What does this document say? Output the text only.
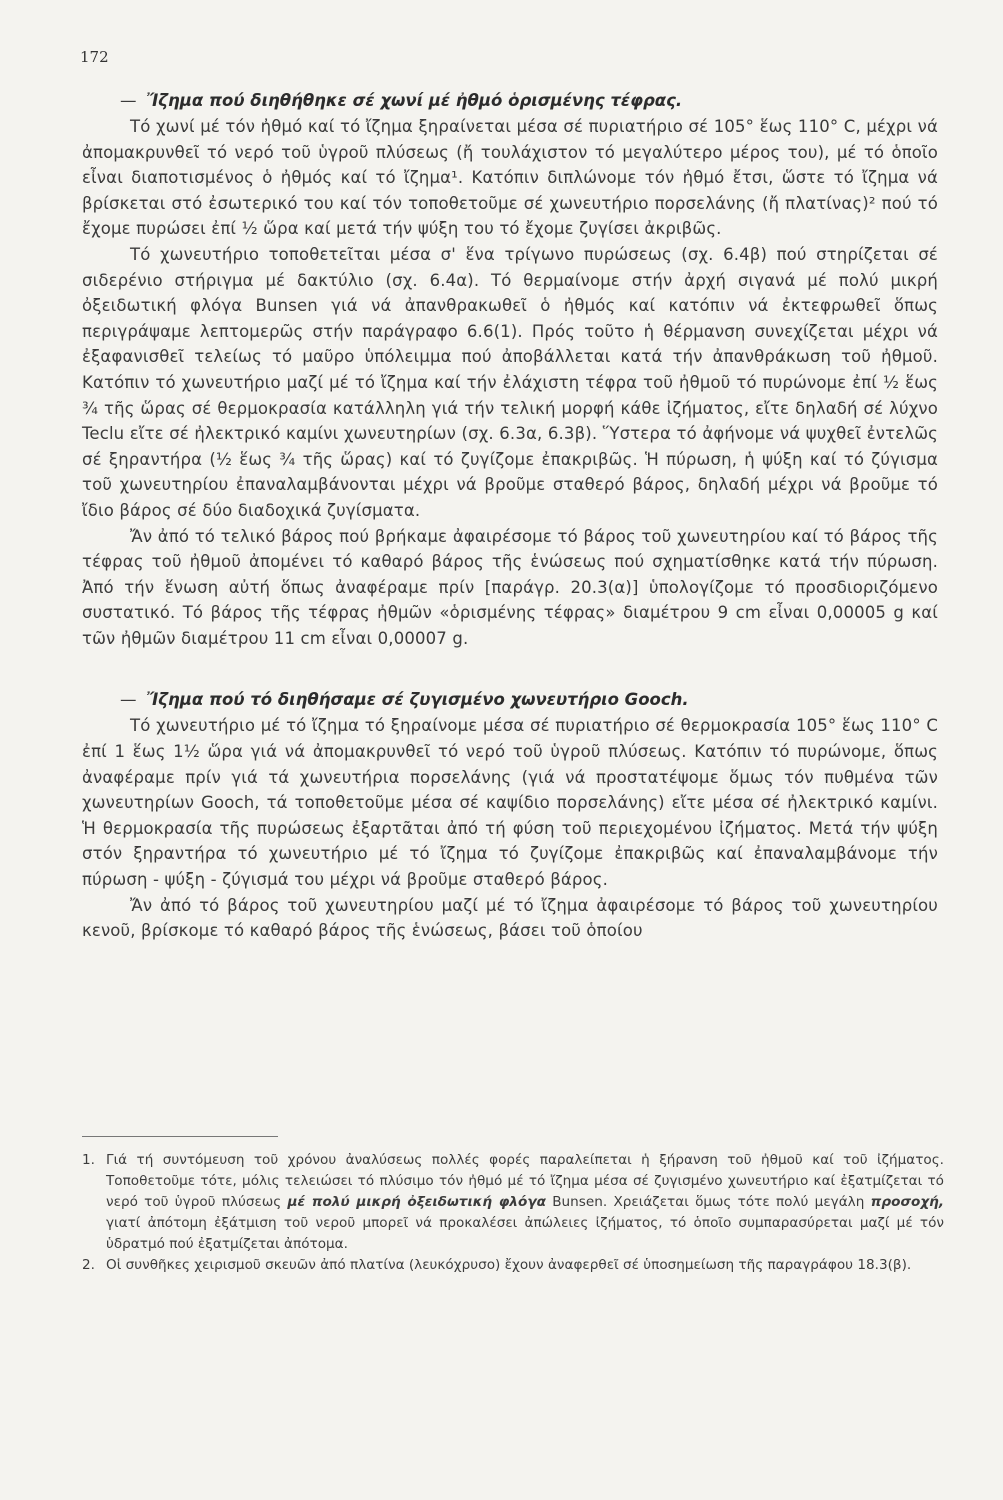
172
— Ἴζημα πού διηθήθηκε σέ χωνί μέ ἠθμό ὁρισμένης τέφρας.

Τό χωνί μέ τόν ἠθμό καί τό ἴζημα ξηραίνεται μέσα σέ πυριατήριο σέ 105° ἕως 110° C, μέχρι νά ἀπομακρυνθεῖ τό νερό τοῦ ὑγροῦ πλύσεως (ἤ τουλάχιστον τό μεγαλύτερο μέρος του), μέ τό ὁποῖο εἶναι διαποτισμένος ὁ ἠθμός καί τό ἴζημα¹. Κατόπιν διπλώνομε τόν ἠθμό ἔτσι, ὥστε τό ἴζημα νά βρίσκεται στό ἐσωτερικό του καί τόν τοποθετοῦμε σέ χωνευτήριο πορσελάνης (ἤ πλατίνας)² πού τό ἔχομε πυρώσει ἐπί ½ ὥρα καί μετά τήν ψύξη του τό ἔχομε ζυγίσει ἀκριβῶς.

Τό χωνευτήριο τοποθετεῖται μέσα σ' ἕνα τρίγωνο πυρώσεως (σχ. 6.4β) πού στηρίζεται σέ σιδερένιο στήριγμα μέ δακτύλιο (σχ. 6.4α). Τό θερμαίνομε στήν ἀρχή σιγανά μέ πολύ μικρή ὀξειδωτική φλόγα Bunsen γιά νά ἀπανθρακωθεῖ ὁ ἠθμός καί κατόπιν νά ἐκτεφρωθεῖ ὅπως περιγράψαμε λεπτομερῶς στήν παράγραφο 6.6(1). Πρός τοῦτο ἡ θέρμανση συνεχίζεται μέχρι νά ἐξαφανισθεῖ τελείως τό μαῦρο ὑπόλειμμα πού ἀποβάλλεται κατά τήν ἀπανθράκωση τοῦ ἠθμοῦ. Κατόπιν τό χωνευτήριο μαζί μέ τό ἴζημα καί τήν ἐλάχιστη τέφρα τοῦ ἠθμοῦ τό πυρώνομε ἐπί ½ ἕως ¾ τῆς ὥρας σέ θερμοκρασία κατάλληλη γιά τήν τελική μορφή κάθε ἰζήματος, εἴτε δηλαδή σέ λύχνο Teclu εἴτε σέ ἠλεκτρικό καμίνι χωνευτηρίων (σχ. 6.3α, 6.3β). Ὕστερα τό ἀφήνομε νά ψυχθεῖ ἐντελῶς σέ ξηραντήρα (½ ἕως ¾ τῆς ὥρας) καί τό ζυγίζομε ἐπακριβῶς. Ἡ πύρωση, ἡ ψύξη καί τό ζύγισμα τοῦ χωνευτηρίου ἐπαναλαμβάνονται μέχρι νά βροῦμε σταθερό βάρος, δηλαδή μέχρι νά βροῦμε τό ἴδιο βάρος σέ δύο διαδοχικά ζυγίσματα.

Ἄν ἀπό τό τελικό βάρος πού βρήκαμε ἀφαιρέσομε τό βάρος τοῦ χωνευτηρίου καί τό βάρος τῆς τέφρας τοῦ ἠθμοῦ ἀπομένει τό καθαρό βάρος τῆς ἑνώσεως πού σχηματίσθηκε κατά τήν πύρωση. Ἀπό τήν ἕνωση αὐτή ὅπως ἀναφέραμε πρίν [παράγρ. 20.3(α)] ὑπολογίζομε τό προσδιοριζόμενο συστατικό. Τό βάρος τῆς τέφρας ἠθμῶν «ὁρισμένης τέφρας» διαμέτρου 9 cm εἶναι 0,00005 g καί τῶν ἠθμῶν διαμέτρου 11 cm εἶναι 0,00007 g.

— Ἴζημα πού τό διηθήσαμε σέ ζυγισμένο χωνευτήριο Gooch.

Τό χωνευτήριο μέ τό ἴζημα τό ξηραίνομε μέσα σέ πυριατήριο σέ θερμοκρασία 105° ἕως 110° C ἐπί 1 ἕως 1½ ὥρα γιά νά ἀπομακρυνθεῖ τό νερό τοῦ ὑγροῦ πλύσεως. Κατόπιν τό πυρώνομε, ὅπως ἀναφέραμε πρίν γιά τά χωνευτήρια πορσελάνης (γιά νά προστατέψομε ὅμως τόν πυθμένα τῶν χωνευτηρίων Gooch, τά τοποθετοῦμε μέσα σέ καψίδιο πορσελάνης) εἴτε μέσα σέ ἠλεκτρικό καμίνι. Ἡ θερμοκρασία τῆς πυρώσεως ἐξαρτᾶται ἀπό τή φύση τοῦ περιεχομένου ἰζήματος. Μετά τήν ψύξη στόν ξηραντήρα τό χωνευτήριο μέ τό ἴζημα τό ζυγίζομε ἐπακριβῶς καί ἐπαναλαμβάνομε τήν πύρωση - ψύξη - ζύγισμά του μέχρι νά βροῦμε σταθερό βάρος.

Ἄν ἀπό τό βάρος τοῦ χωνευτηρίου μαζί μέ τό ἴζημα ἀφαιρέσομε τό βάρος τοῦ χωνευτηρίου κενοῦ, βρίσκομε τό καθαρό βάρος τῆς ἑνώσεως, βάσει τοῦ ὁποίου

1. Γιά τή συντόμευση τοῦ χρόνου ἀναλύσεως πολλές φορές παραλείπεται ἡ ξήρανση τοῦ ἠθμοῦ καί τοῦ ἰζήματος. Τοποθετοῦμε τότε, μόλις τελειώσει τό πλύσιμο τόν ἠθμό μέ τό ἴζημα μέσα σέ ζυγισμένο χωνευτήριο καί ἐξατμίζεται τό νερό τοῦ ὑγροῦ πλύσεως μέ πολύ μικρή ὀξειδωτική φλόγα Bunsen. Χρειάζεται ὅμως τότε πολύ μεγάλη προσοχή, γιατί ἀπότομη ἐξάτμιση τοῦ νεροῦ μπορεῖ νά προκαλέσει ἀπώλειες ἰζήματος, τό ὁποῖο συμπαρασύρεται μαζί μέ τόν ὑδρατμό πού ἐξατμίζεται ἀπότομα.
2. Οἱ συνθῆκες χειρισμοῦ σκευῶν ἀπό πλατίνα (λευκόχρυσο) ἔχουν ἀναφερθεῖ σέ ὑποσημείωση τῆς παραγράφου 18.3(β).
